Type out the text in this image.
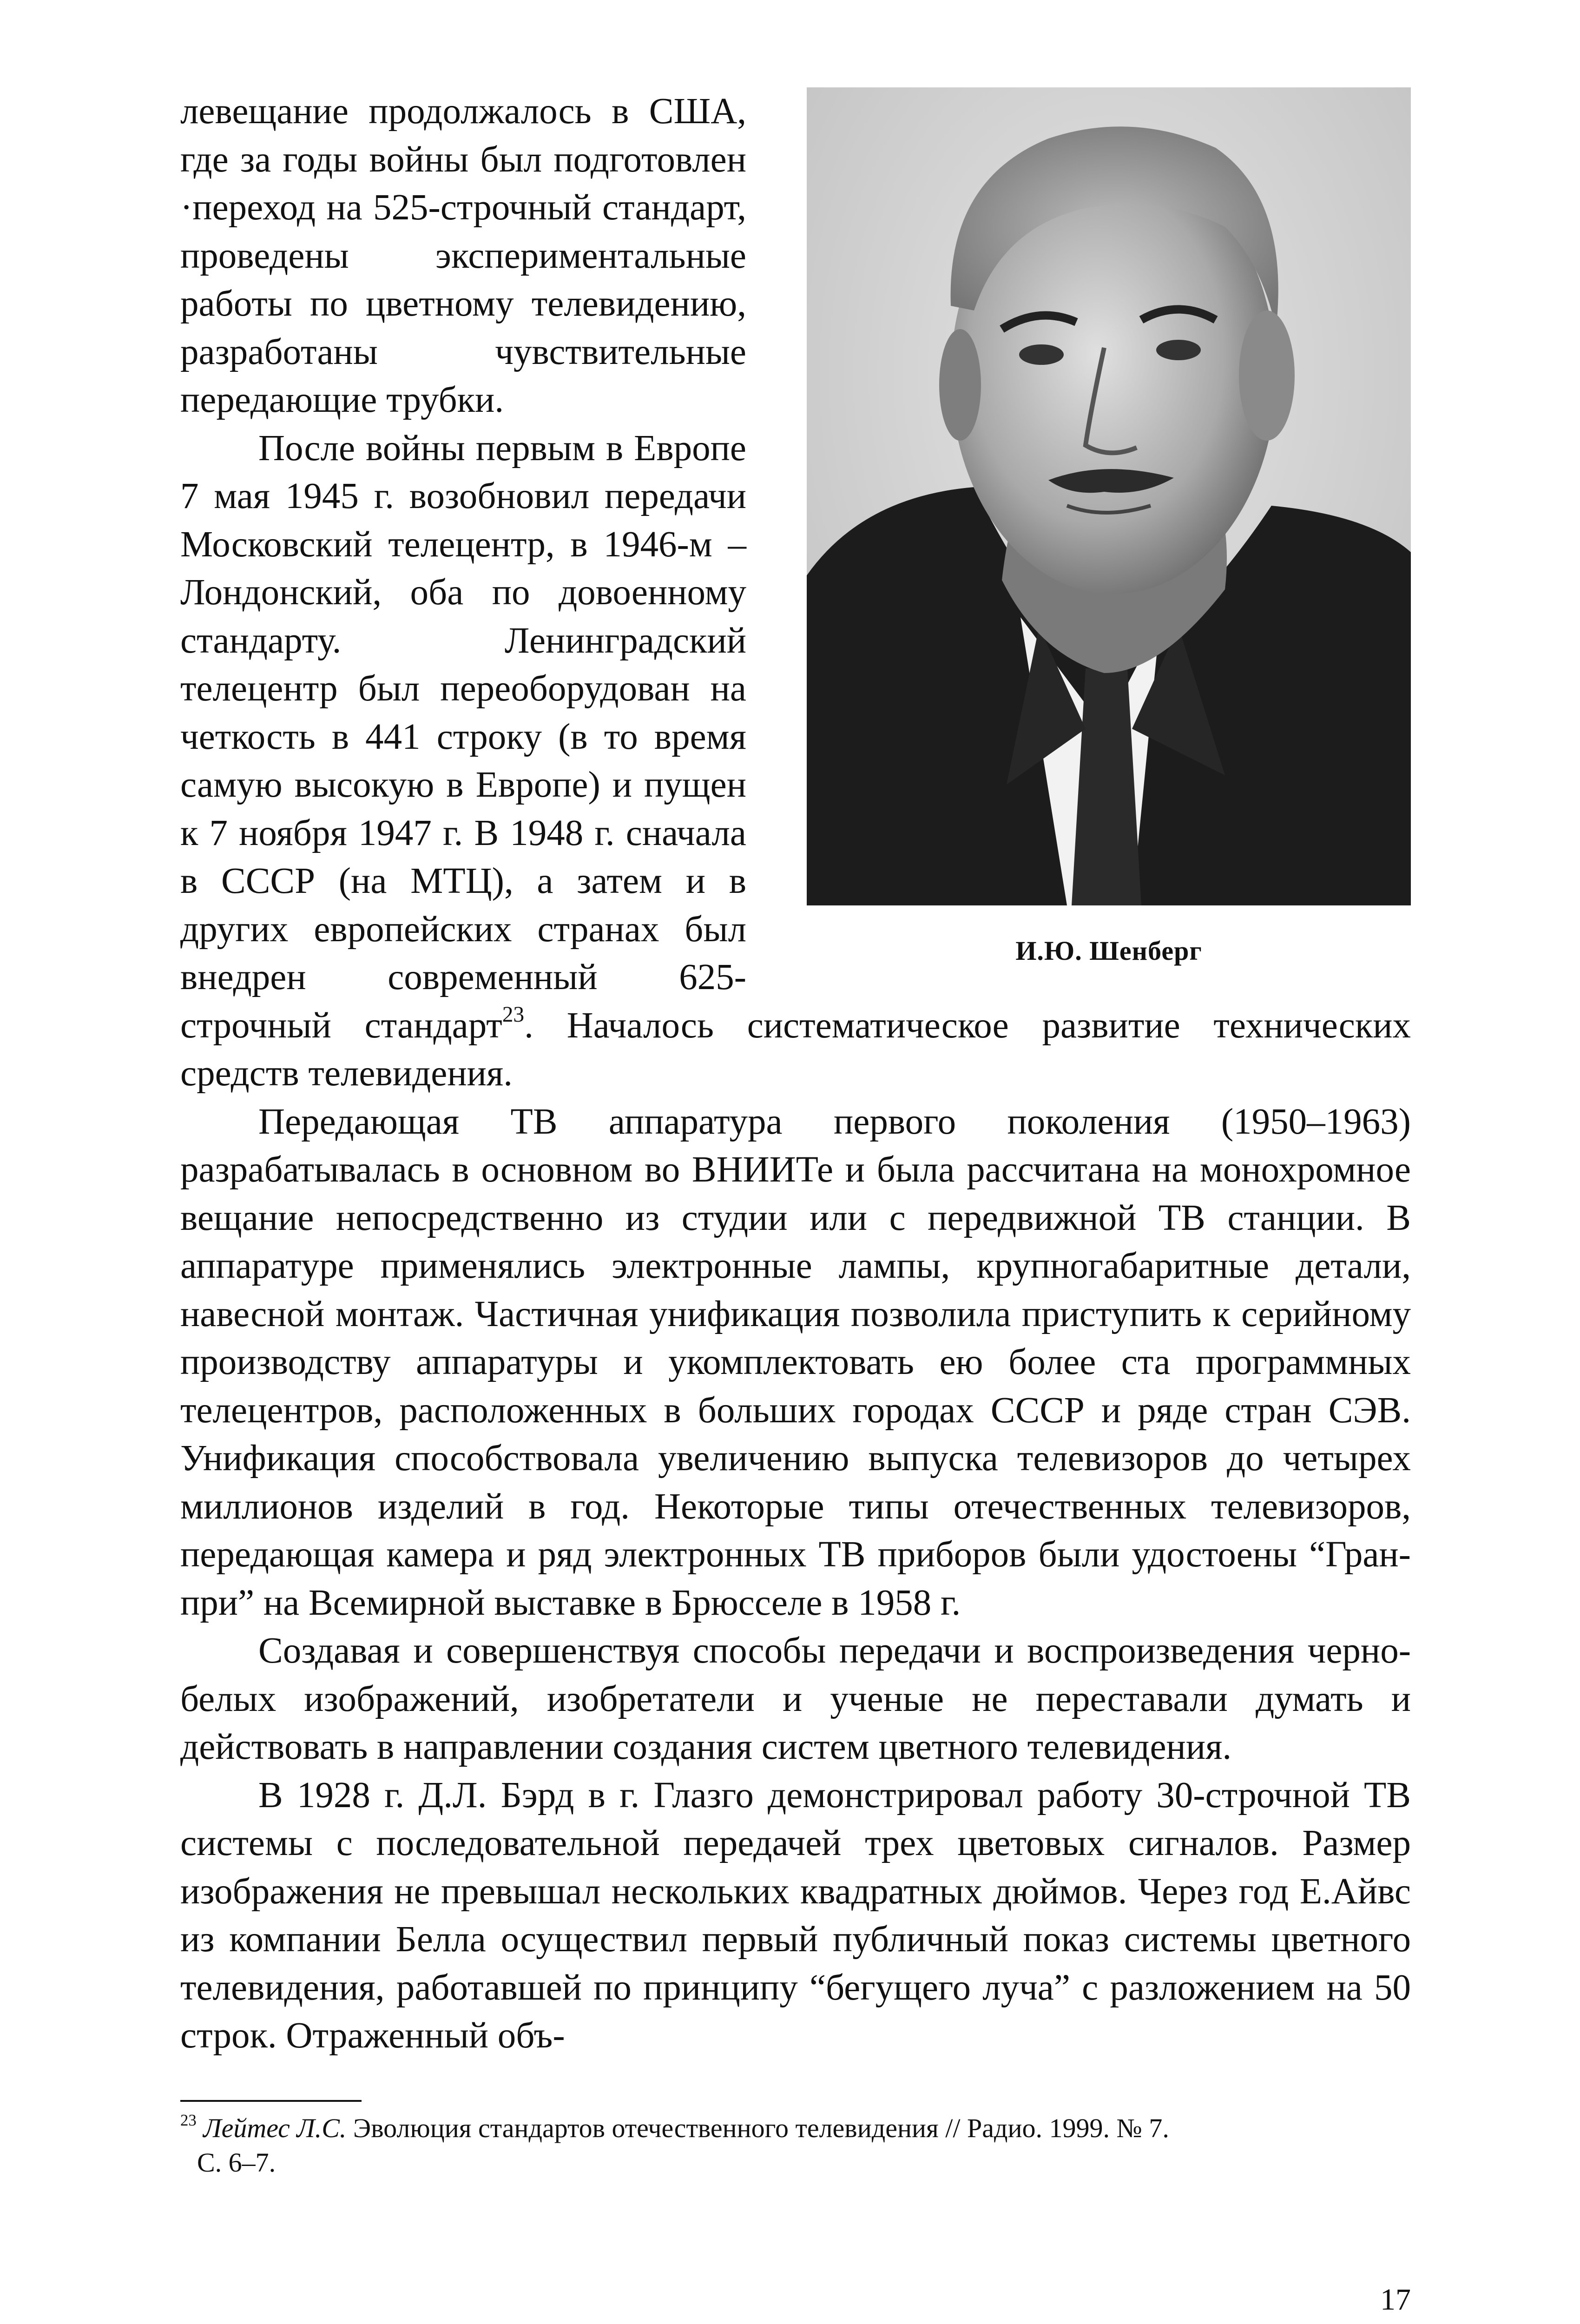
И.Ю. Шенберг

левещание продолжалось в США, где за годы войны был подготовлен ·переход на 525-строчный стандарт, проведены экспериментальные работы по цветному телевидению, разработаны чувствительные передающие трубки.

После войны первым в Европе 7 мая 1945 г. возобновил передачи Московский телецентр, в 1946-м – Лондонский, оба по довоенному стандарту. Ленинградский телецентр был переоборудован на четкость в 441 строку (в то время самую высокую в Европе) и пущен к 7 ноября 1947 г. В 1948 г. сначала в СССР (на МТЦ), а затем и в других европейских странах был внедрен современный 625-строчный стандарт$^{23}$. Началось систематическое развитие технических средств телевидения.

Передающая ТВ аппаратура первого поколения (1950–1963) разрабатывалась в основном во ВНИИТе и была рассчитана на монохромное вещание непосредственно из студии или с передвижной ТВ станции. В аппаратуре применялись электронные лампы, крупногабаритные детали, навесной монтаж. Частичная унификация позволила приступить к серийному производству аппаратуры и укомплектовать ею более ста программных телецентров, расположенных в больших городах СССР и ряде стран СЭВ. Унификация способствовала увеличению выпуска телевизоров до четырех миллионов изделий в год. Некоторые типы отечественных телевизоров, передающая камера и ряд электронных ТВ приборов были удостоены “Гран-при” на Всемирной выставке в Брюсселе в 1958 г.

Создавая и совершенствуя способы передачи и воспроизведения черно-белых изображений, изобретатели и ученые не переставали думать и действовать в направлении создания систем цветного телевидения.

В 1928 г. Д.Л. Бэрд в г. Глазго демонстрировал работу 30-строчной ТВ системы с последовательной передачей трех цветовых сигналов. Размер изображения не превышал нескольких квадратных дюймов. Через год Е.Айвс из компании Белла осуществил первый публичный показ системы цветного телевидения, работавшей по принципу “бегущего луча” с разложением на 50 строк. Отраженный объ-

$^{23}$ Лейтес Л.С. Эволюция стандартов отечественного телевидения // Радио. 1999. № 7.
С. 6–7.
17
